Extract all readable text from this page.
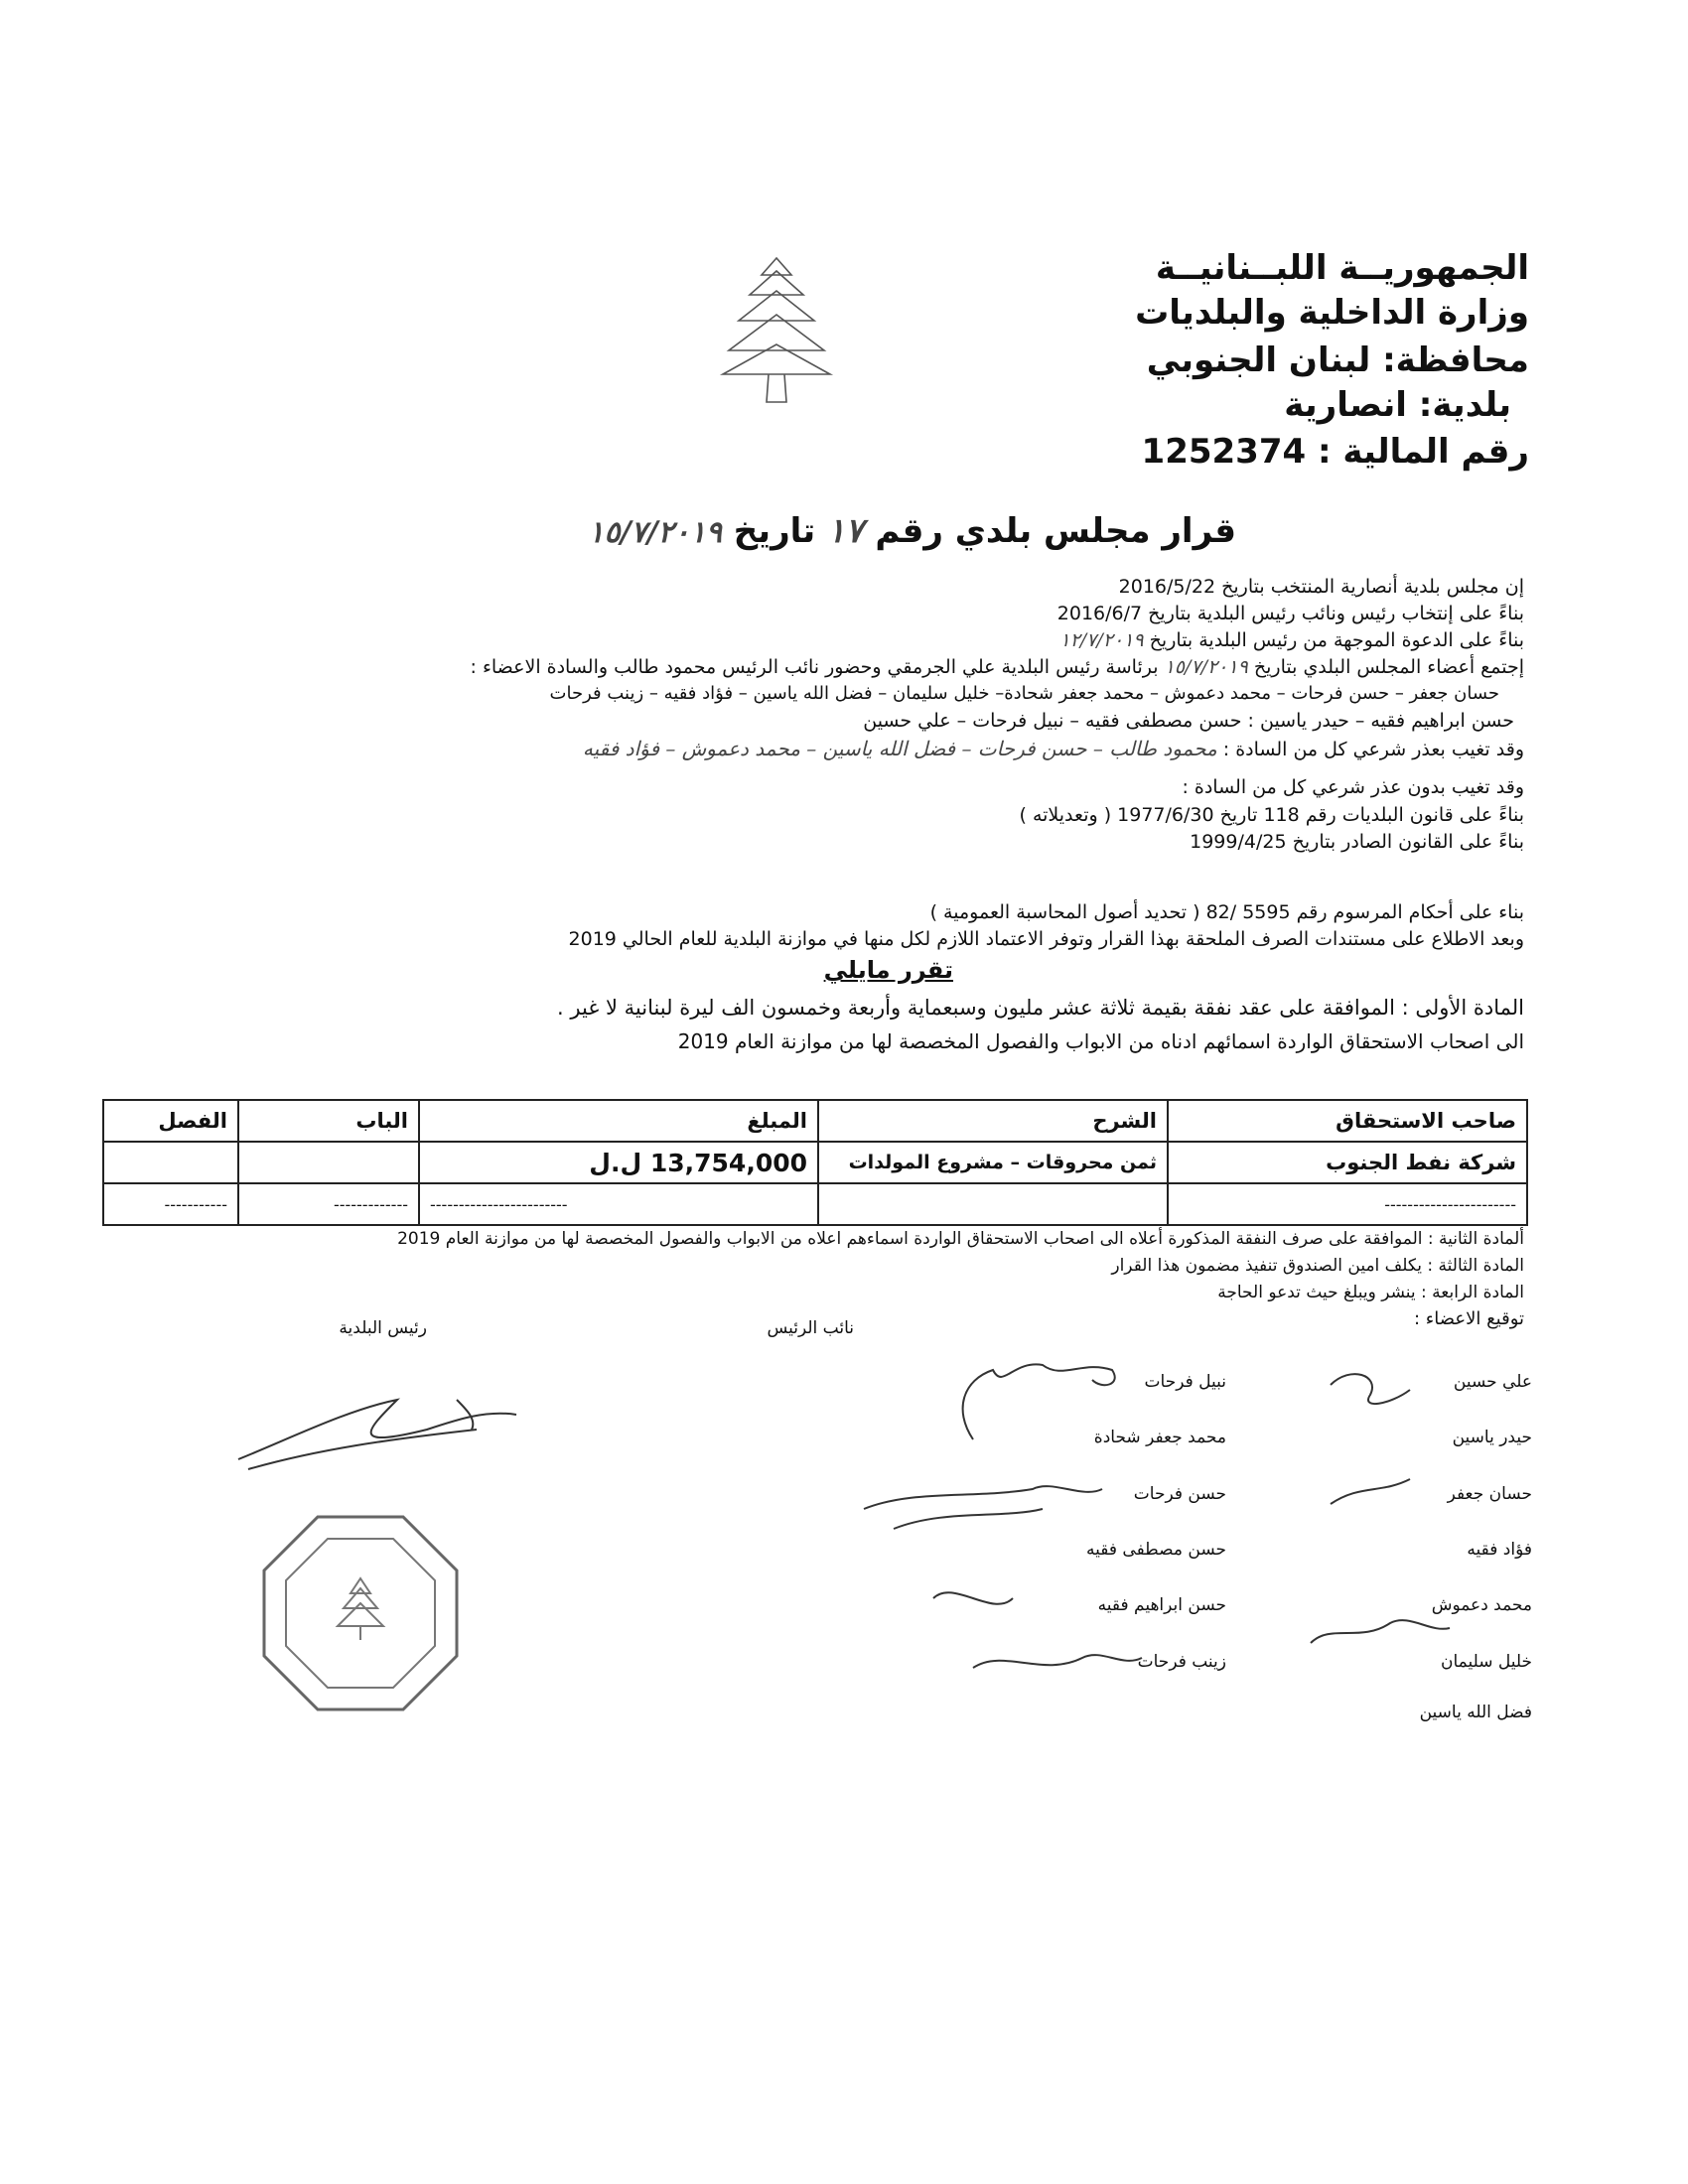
الجمهوريــة اللبــنانيــة
وزارة الداخلية والبلديات
محافظة: لبنان الجنوبي
بلدية: انصارية
رقم المالية : 1252374
قرار مجلس بلدي رقم ١٧ تاريخ ١٥/٧/٢٠١٩
إن مجلس بلدية أنصارية المنتخب بتاريخ 2016/5/22
بناءً على إنتخاب رئيس ونائب رئيس البلدية بتاريخ 2016/6/7
بناءً على الدعوة الموجهة من رئيس البلدية بتاريخ ١٢/٧/٢٠١٩
إجتمع أعضاء المجلس البلدي بتاريخ ١٥/٧/٢٠١٩ برئاسة رئيس البلدية علي الجرمقي وحضور نائب الرئيس محمود طالب والسادة الاعضاء :
حسان جعفر – حسن فرحات – محمد دعموش – محمد جعفر شحادة– خليل سليمان – فضل الله ياسين – فؤاد فقيه – زينب فرحات
حسن ابراهيم فقيه – حيدر ياسين : حسن مصطفى فقيه – نبيل فرحات – علي حسين
وقد تغيب بعذر شرعي كل من السادة : محمود طالب – حسن فرحات – فضل الله ياسين – محمد دعموش – فؤاد فقيه
وقد تغيب بدون عذر شرعي كل من السادة :
بناءً على قانون البلديات رقم 118 تاريخ 1977/6/30 ( وتعديلاته )
بناءً على القانون الصادر بتاريخ 1999/4/25
بناء على أحكام المرسوم رقم 5595 /82 ( تحديد أصول المحاسبة العمومية )
وبعد الاطلاع على مستندات الصرف الملحقة بهذا القرار وتوفر الاعتماد اللازم لكل منها في موازنة البلدية للعام الحالي 2019
تقرر مايلي
المادة الأولى : الموافقة على عقد نفقة بقيمة ثلاثة عشر مليون وسبعماية وأربعة وخمسون الف ليرة لبنانية لا غير .
الى اصحاب الاستحقاق الواردة اسمائهم ادناه من الابواب والفصول المخصصة لها من موازنة العام 2019
صاحب الاستحقاق	الشرح	المبلغ	الباب	الفصل
شركة نفط الجنوب	ثمن محروقات – مشروع المولدات	13,754,000 ل.ل		
-----------------------		------------------------	-------------	-----------
ألمادة الثانية : الموافقة على صرف النفقة المذكورة أعلاه الى اصحاب الاستحقاق الواردة اسماءهم اعلاه من الابواب والفصول المخصصة لها من موازنة العام 2019
المادة الثالثة : يكلف امين الصندوق تنفيذ مضمون هذا القرار
المادة الرابعة : ينشر ويبلغ حيث تدعو الحاجة
توقيع الاعضاء :
رئيس البلدية	نائب الرئيس
نبيل فرحات
محمد جعفر شحادة
حسن فرحات
حسن مصطفى فقيه
حسن ابراهيم فقيه
زينب فرحات
علي حسين
حيدر ياسين
حسان جعفر
فؤاد فقيه
محمد دعموش
خليل سليمان
فضل الله ياسين
